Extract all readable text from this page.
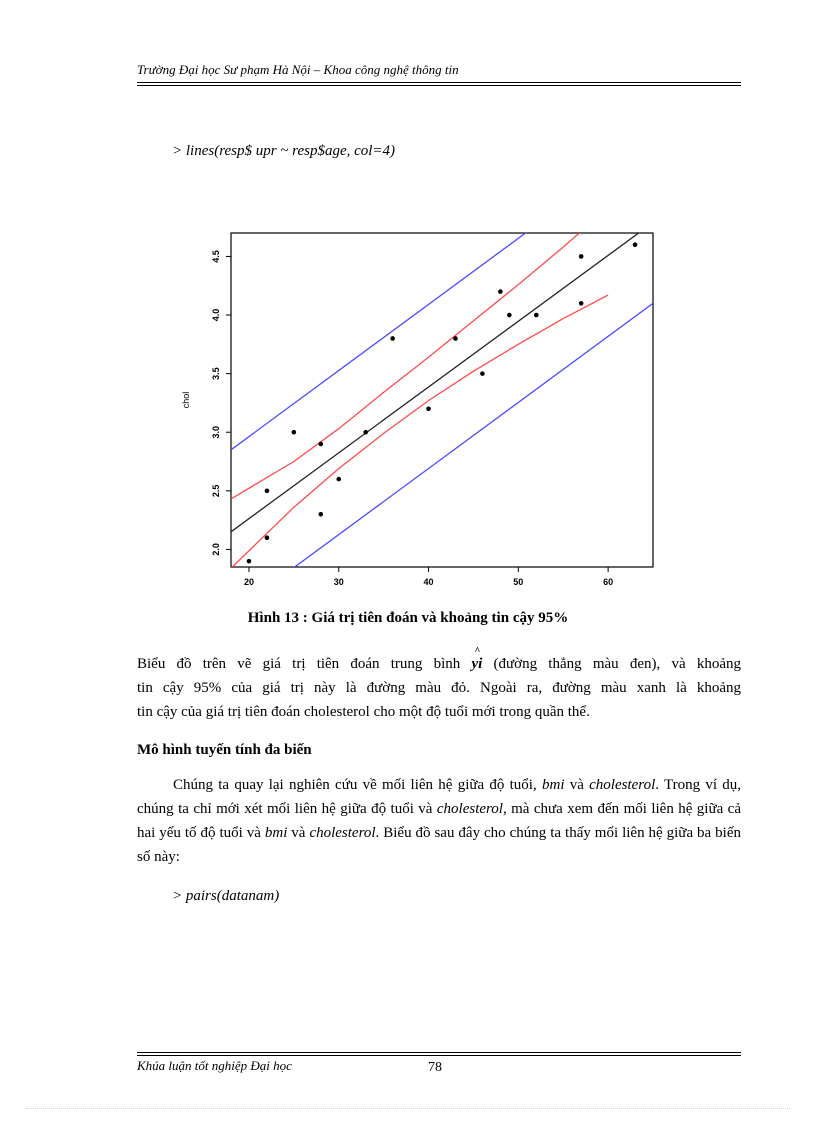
Trường Đại học Sư phạm Hà Nội – Khoa công nghệ thông tin
> lines(resp$ upr ~ resp$age, col=4)
20	30	40	50	60
2.0
2.5
3.0
3.5
4.0
4.5
chol
Hình 13 : Giá trị tiên đoán và khoảng tin cậy 95%
Biểu đồ trên vẽ giá trị tiên đoán trung bình ^ yi (đường thẳng màu đen), và khoảng
tin cậy 95% của giá trị này là đường màu đỏ. Ngoài ra, đường màu xanh là khoảng
tin cậy của giá trị tiên đoán cholesterol cho một độ tuổi mới trong quần thể.
Mô hình tuyến tính đa biến
Chúng ta quay lại nghiên cứu về mối liên hệ giữa độ tuổi, bmi và cholesterol. Trong ví dụ, chúng ta chỉ mới xét mối liên hệ giữa độ tuổi và cholesterol, mà chưa xem đến mối liên hệ giữa cả hai yếu tố độ tuổi và bmi và cholesterol. Biểu đồ sau đây cho chúng ta thấy mối liên hệ giữa ba biến số này:
> pairs(datanam)
Khúa luận tốt nghiệp Đại học	78
